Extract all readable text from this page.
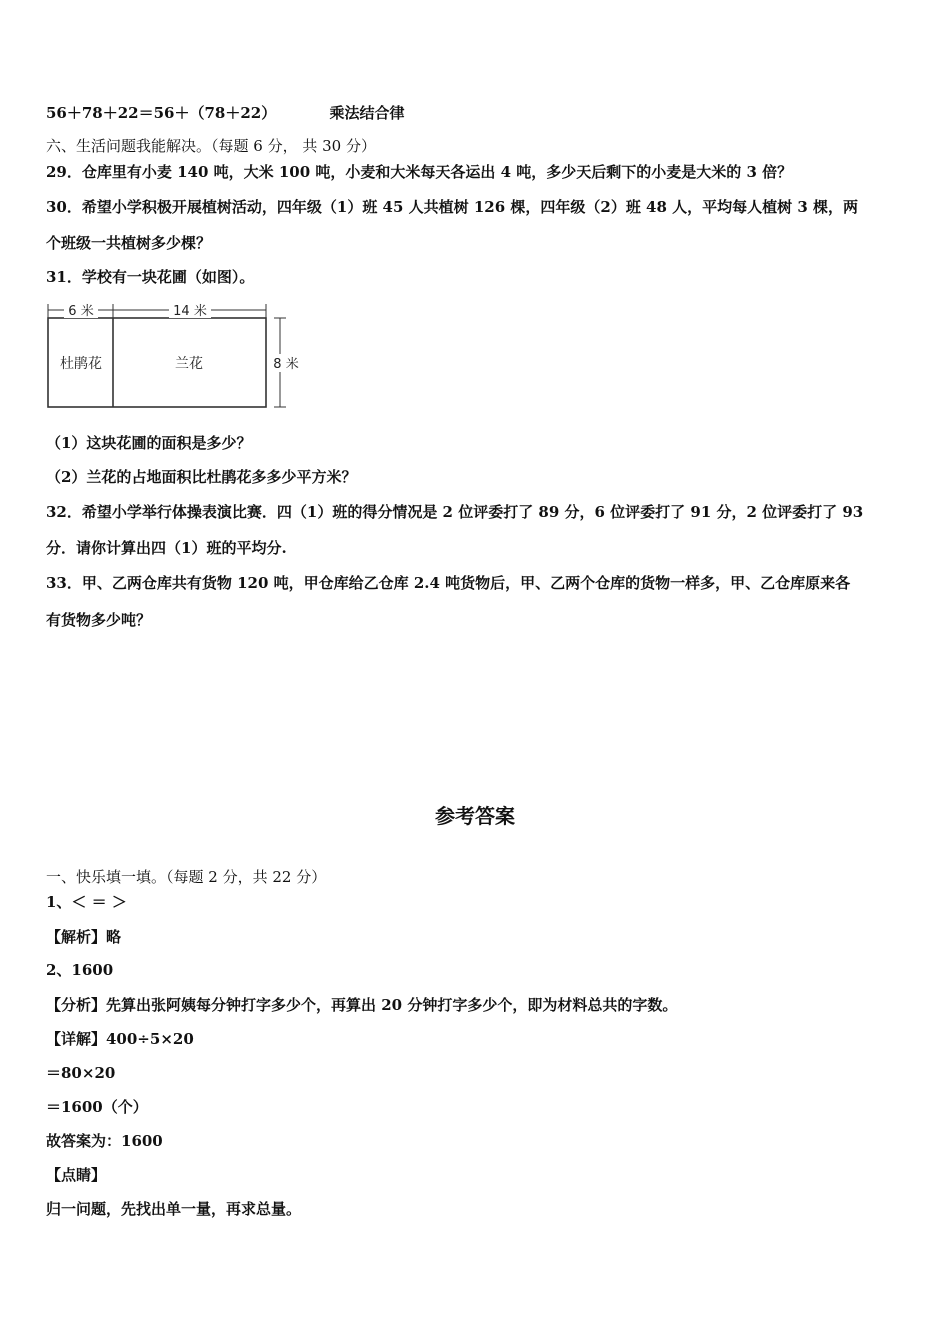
56＋78＋22＝56＋（78＋22）	乘法结合律
六、生活问题我能解决。（每题 6 分， 共 30 分）
29．仓库里有小麦 140 吨，大米 100 吨，小麦和大米每天各运出 4 吨，多少天后剩下的小麦是大米的 3 倍？
30．希望小学积极开展植树活动，四年级（1）班 45 人共植树 126 棵，四年级（2）班 48 人，平均每人植树 3 棵，两
个班级一共植树多少棵？
31．学校有一块花圃（如图）。
6 米	14 米
8 米
杜鹃花	兰花
（1）这块花圃的面积是多少？
（2）兰花的占地面积比杜鹃花多多少平方米？
32．希望小学举行体操表演比赛．四（1）班的得分情况是 2 位评委打了 89 分，6 位评委打了 91 分，2 位评委打了 93
分．请你计算出四（1）班的平均分.
33．甲、乙两仓库共有货物 120 吨，甲仓库给乙仓库 2.4 吨货物后，甲、乙两个仓库的货物一样多，甲、乙仓库原来各
有货物多少吨？
参考答案
一、快乐填一填。（每题 2 分，共 22 分）
1、＜ ＝ ＞
【解析】略
2、1600
【分析】先算出张阿姨每分钟打字多少个，再算出 20 分钟打字多少个，即为材料总共的字数。
【详解】400÷5×20
＝80×20
＝1600（个）
故答案为：1600
【点睛】
归一问题，先找出单一量，再求总量。
